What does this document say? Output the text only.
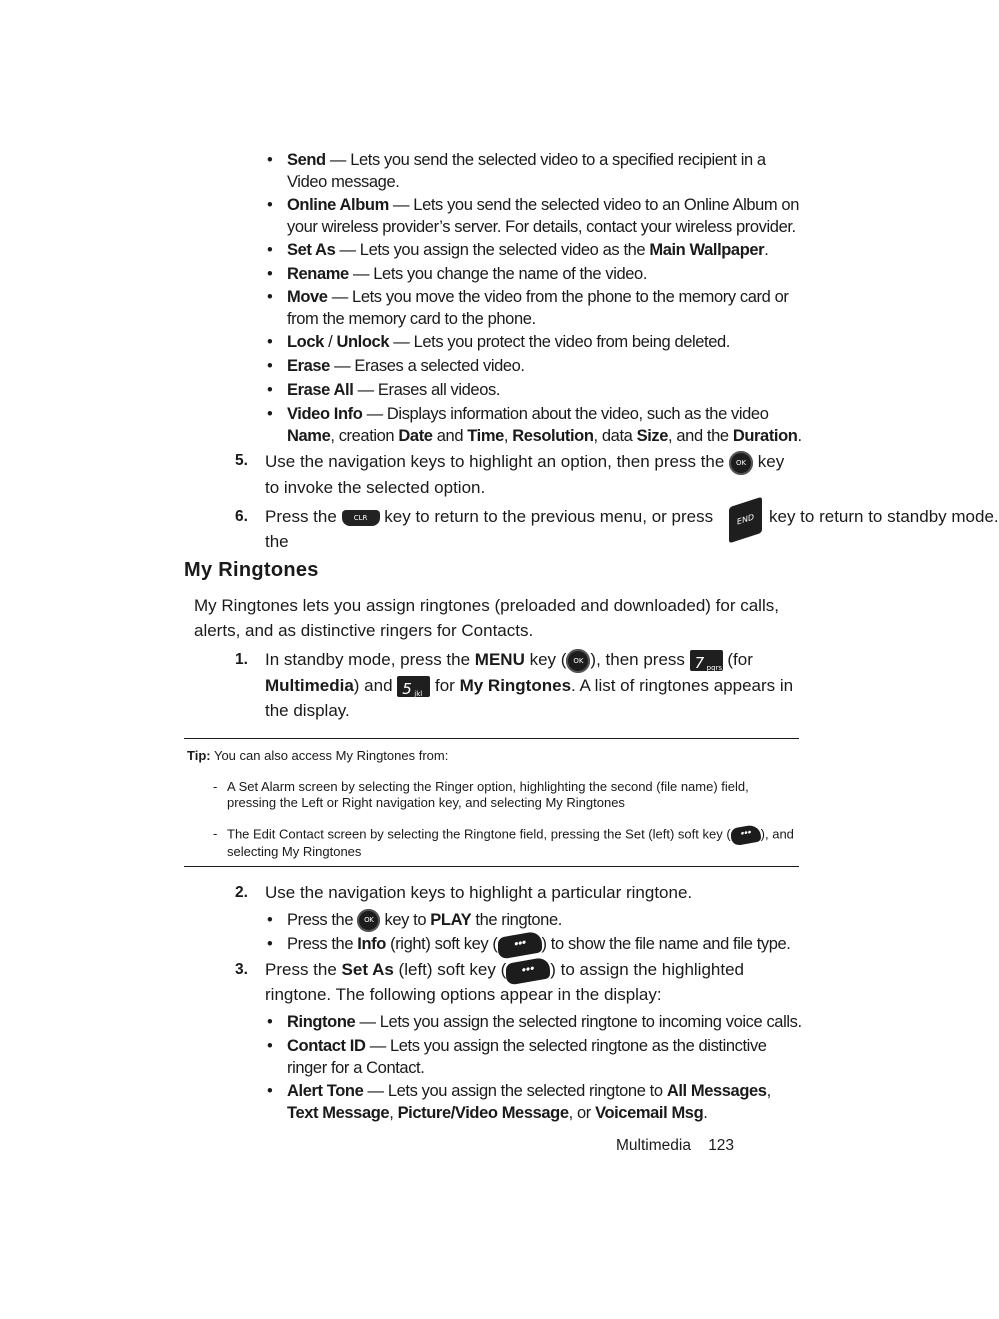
• Send — Lets you send the selected video to a specified recipient in a Video message.
• Online Album — Lets you send the selected video to an Online Album on your wireless provider’s server. For details, contact your wireless provider.
• Set As — Lets you assign the selected video as the Main Wallpaper.
• Rename — Lets you change the name of the video.
• Move — Lets you move the video from the phone to the memory card or from the memory card to the phone.
• Lock / Unlock — Lets you protect the video from being deleted.
• Erase — Erases a selected video.
• Erase All — Erases all videos.
• Video Info — Displays information about the video, such as the video Name, creation Date and Time, Resolution, data Size, and the Duration.
5. Use the navigation keys to highlight an option, then press the OK key to invoke the selected option.
6. Press the CLR key to return to the previous menu, or press the
END key to return to standby mode.
My Ringtones
My Ringtones lets you assign ringtones (preloaded and downloaded) for calls, alerts, and as distinctive ringers for Contacts.
1. In standby mode, press the MENU key ( OK ), then press 7 pqrs (for Multimedia) and 5 jkl for My Ringtones. A list of ringtones appears in the display.
Tip: You can also access My Ringtones from:
- A Set Alarm screen by selecting the Ringer option, highlighting the second (file name) field, pressing the Left or Right navigation key, and selecting My Ringtones
- The Edit Contact screen by selecting the Ringtone field, pressing the Set (left) soft key ( ••• ), and selecting My Ringtones
2. Use the navigation keys to highlight a particular ringtone.
• Press the OK key to PLAY the ringtone.
• Press the Info (right) soft key ( ••• ) to show the file name and file type.
3. Press the Set As (left) soft key ( ••• ) to assign the highlighted ringtone. The following options appear in the display:
• Ringtone — Lets you assign the selected ringtone to incoming voice calls.
• Contact ID — Lets you assign the selected ringtone as the distinctive ringer for a Contact.
• Alert Tone — Lets you assign the selected ringtone to All Messages, Text Message, Picture/Video Message, or Voicemail Msg.
Multimedia 123
